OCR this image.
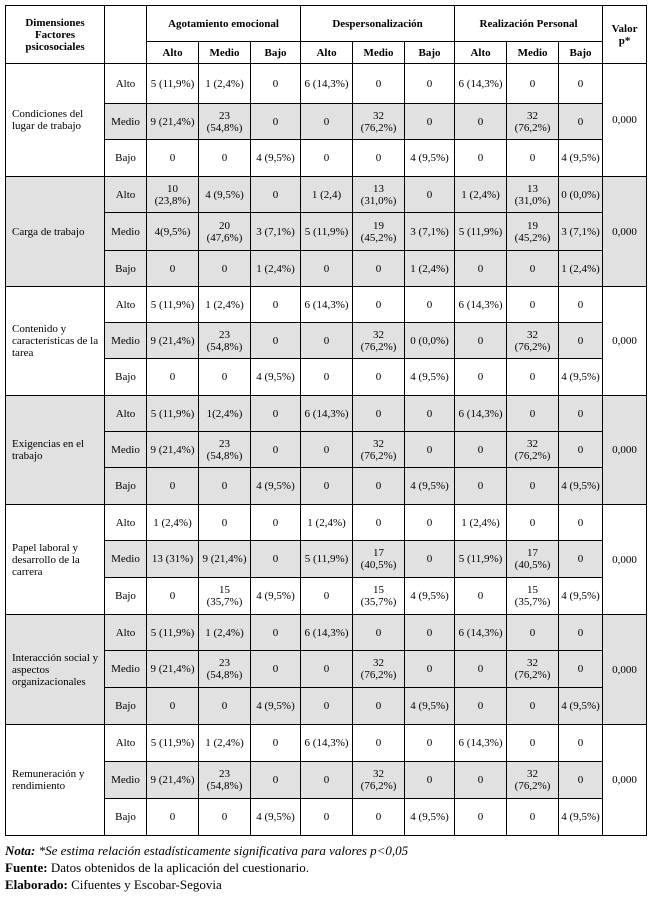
Dimensiones Factores psicosociales		Agotamiento emocional			Despersonalización			Realización Personal			Valor p*
		Alto	Medio	Bajo	Alto	Medio	Bajo	Alto	Medio	Bajo	
Condiciones del lugar de trabajo	Alto	5 (11,9%)	1 (2,4%)	0	6 (14,3%)	0	0	6 (14,3%)	0	0	0,000
	Medio	9 (21,4%)	23 (54,8%)	0	0	32 (76,2%)	0	0	32 (76,2%)	0	
	Bajo	0	0	4 (9,5%)	0	0	4 (9,5%)	0	0	4 (9,5%)	
Carga de trabajo	Alto	10 (23,8%)	4 (9,5%)	0	1 (2,4)	13 (31,0%)	0	1 (2,4%)	13 (31,0%)	0 (0,0%)	0,000
	Medio	4(9,5%)	20 (47,6%)	3 (7,1%)	5 (11,9%)	19 (45,2%)	3 (7,1%)	5 (11,9%)	19 (45,2%)	3 (7,1%)	
	Bajo	0	0	1 (2,4%)	0	0	1 (2,4%)	0	0	1 (2,4%)	
Contenido y características de la tarea	Alto	5 (11,9%)	1 (2,4%)	0	6 (14,3%)	0	0	6 (14,3%)	0	0	0,000
	Medio	9 (21,4%)	23 (54,8%)	0	0	32 (76,2%)	0 (0,0%)	0	32 (76,2%)	0	
	Bajo	0	0	4 (9,5%)	0	0	4 (9,5%)	0	0	4 (9,5%)	
Exigencias en el trabajo	Alto	5 (11,9%)	1(2,4%)	0	6 (14,3%)	0	0	6 (14,3%)	0	0	0,000
	Medio	9 (21,4%)	23 (54,8%)	0	0	32 (76,2%)	0	0	32 (76,2%)	0	
	Bajo	0	0	4 (9,5%)	0	0	4 (9,5%)	0	0	4 (9,5%)	
Papel laboral y desarrollo de la carrera	Alto	1 (2,4%)	0	0	1 (2,4%)	0	0	1 (2,4%)	0	0	0,000
	Medio	13 (31%)	9 (21,4%)	0	5 (11,9%)	17 (40,5%)	0	5 (11,9%)	17 (40,5%)	0	
	Bajo	0	15 (35,7%)	4 (9,5%)	0	15 (35,7%)	4 (9,5%)	0	15 (35,7%)	4 (9,5%)	
Interacción social y aspectos organizacionales	Alto	5 (11,9%)	1 (2,4%)	0	6 (14,3%)	0	0	6 (14,3%)	0	0	0,000
	Medio	9 (21,4%)	23 (54,8%)	0	0	32 (76,2%)	0	0	32 (76,2%)	0	
	Bajo	0	0	4 (9,5%)	0	0	4 (9,5%)	0	0	4 (9,5%)	
Remuneración y rendimiento	Alto	5 (11,9%)	1 (2,4%)	0	6 (14,3%)	0	0	6 (14,3%)	0	0	0,000
	Medio	9 (21,4%)	23 (54,8%)	0	0	32 (76,2%)	0	0	32 (76,2%)	0	
	Bajo	0	0	4 (9,5%)	0	0	4 (9,5%)	0	0	4 (9,5%)	
Nota: *Se estima relación estadísticamente significativa para valores p<0,05
Fuente: Datos obtenidos de la aplicación del cuestionario.
Elaborado: Cifuentes y Escobar-Segovia
